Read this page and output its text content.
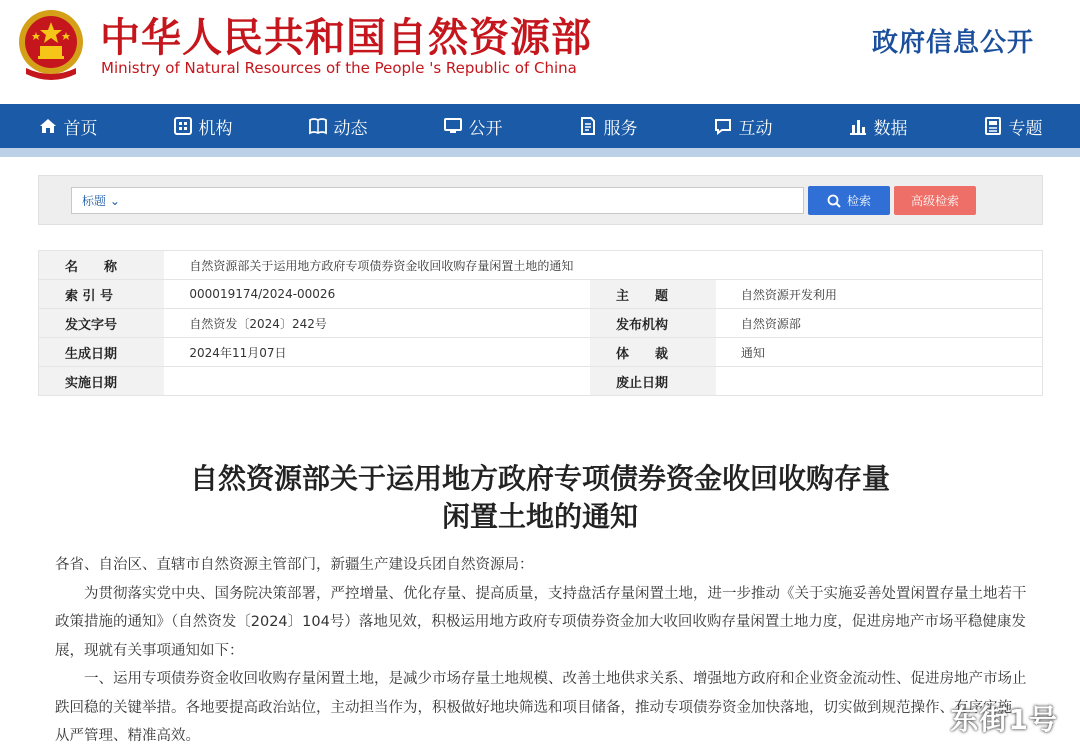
中华人民共和国自然资源部
Ministry of Natural Resources of the People 's Republic of China
政府信息公开
首页	机构	动态	公开	服务	互动	数据	专题
标题 ⌄	检索	高级检索
名　　称	自然资源部关于运用地方政府专项债券资金收回收购存量闲置土地的通知		
索 引 号	000019174/2024-00026	主　　题	自然资源开发利用
发文字号	自然资发〔2024〕242号	发布机构	自然资源部
生成日期	2024年11月07日	体　　裁	通知
实施日期		废止日期	
自然资源部关于运用地方政府专项债券资金收回收购存量
闲置土地的通知

各省、自治区、直辖市自然资源主管部门，新疆生产建设兵团自然资源局：

为贯彻落实党中央、国务院决策部署，严控增量、优化存量、提高质量，支持盘活存量闲置土地，进一步推动《关于实施妥善处置闲置存量土地若干政策措施的通知》（自然资发〔2024〕104号）落地见效，积极运用地方政府专项债券资金加大收回收购存量闲置土地力度，促进房地产市场平稳健康发展，现就有关事项通知如下：

一、运用专项债券资金收回收购存量闲置土地，是减少市场存量土地规模、改善土地供求关系、增强地方政府和企业资金流动性、促进房地产市场止跌回稳的关键举措。各地要提高政治站位，主动担当作为，积极做好地块筛选和项目储备，推动专项债券资金加快落地，切实做到规范操作、有序实施、从严管理、精准高效。	东街1号
